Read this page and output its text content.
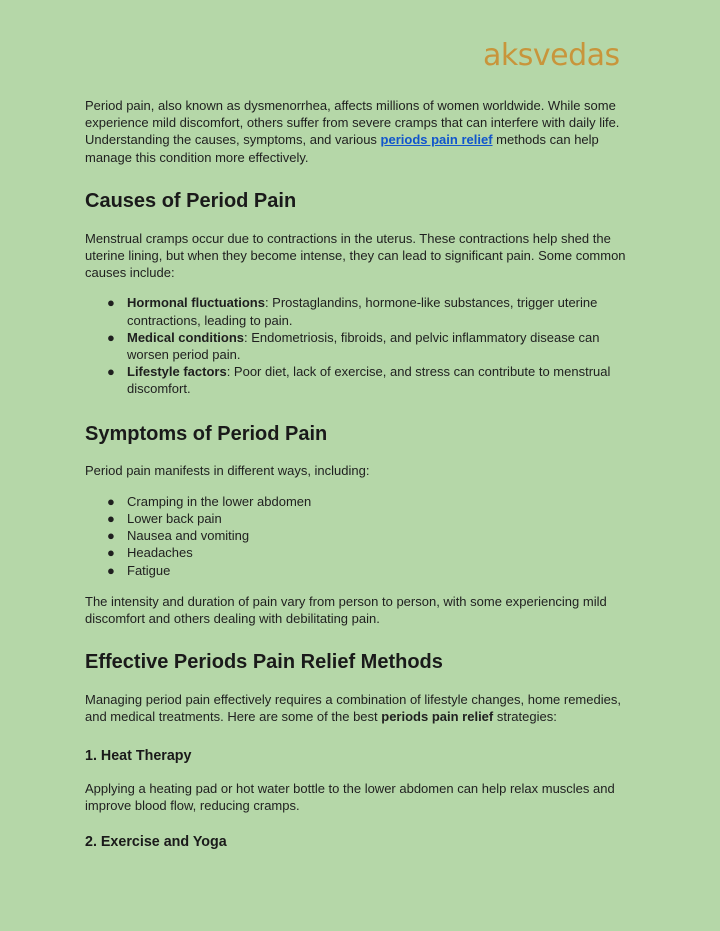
aksvedas

Period pain, also known as dysmenorrhea, affects millions of women worldwide. While some experience mild discomfort, others suffer from severe cramps that can interfere with daily life. Understanding the causes, symptoms, and various periods pain relief methods can help manage this condition more effectively.

Causes of Period Pain

Menstrual cramps occur due to contractions in the uterus. These contractions help shed the uterine lining, but when they become intense, they can lead to significant pain. Some common causes include:

● Hormonal fluctuations: Prostaglandins, hormone-like substances, trigger uterine contractions, leading to pain.
● Medical conditions: Endometriosis, fibroids, and pelvic inflammatory disease can worsen period pain.
● Lifestyle factors: Poor diet, lack of exercise, and stress can contribute to menstrual discomfort.
Symptoms of Period Pain

Period pain manifests in different ways, including:

● Cramping in the lower abdomen
● Lower back pain
● Nausea and vomiting
● Headaches
● Fatigue

The intensity and duration of pain vary from person to person, with some experiencing mild discomfort and others dealing with debilitating pain.

Effective Periods Pain Relief Methods

Managing period pain effectively requires a combination of lifestyle changes, home remedies, and medical treatments. Here are some of the best periods pain relief strategies:

1. Heat Therapy

Applying a heating pad or hot water bottle to the lower abdomen can help relax muscles and improve blood flow, reducing cramps.

2. Exercise and Yoga
